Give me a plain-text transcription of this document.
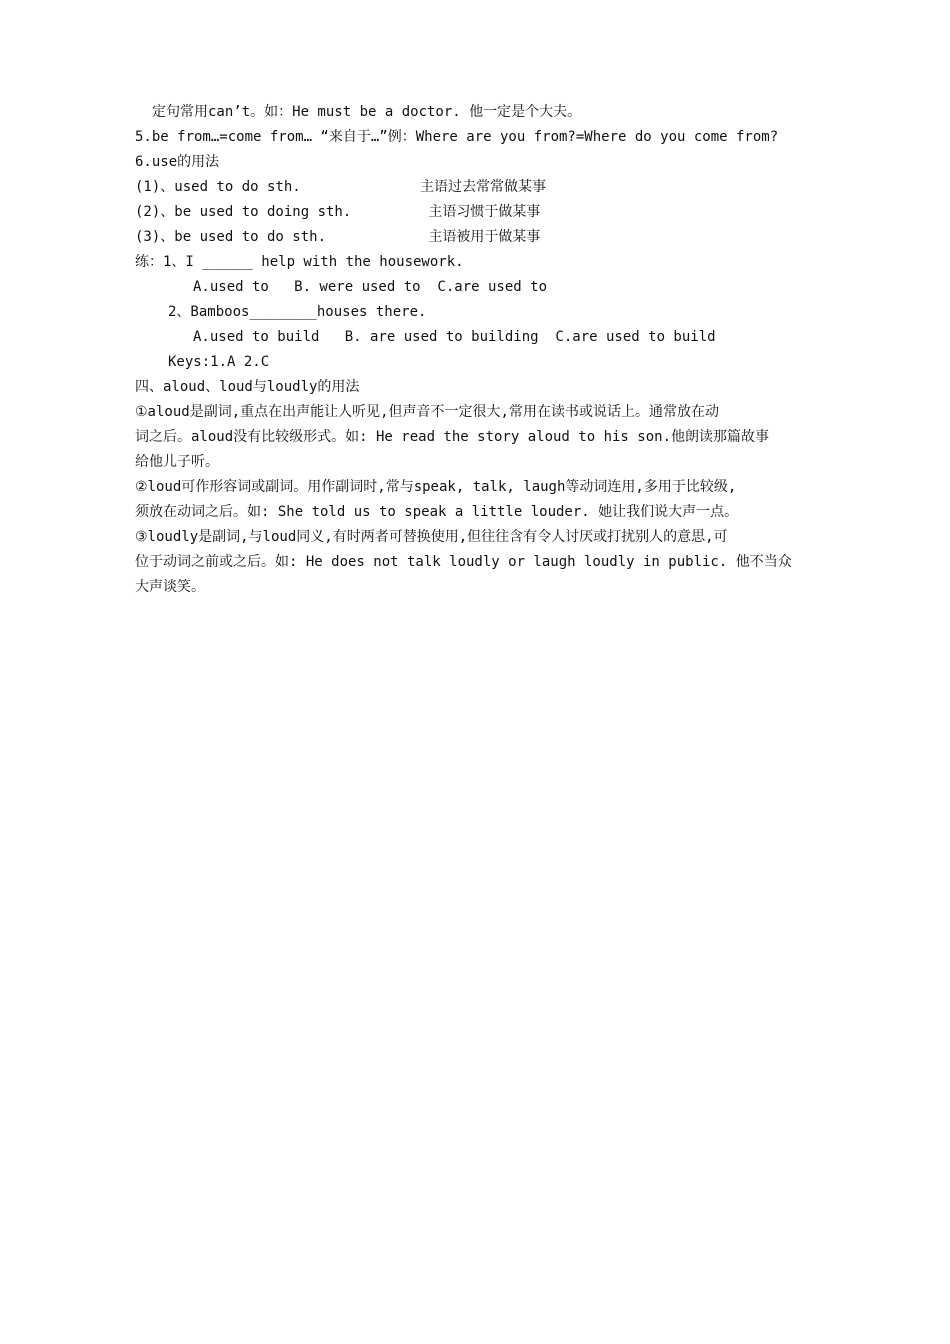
定句常用can’t。如：He must be a doctor. 他一定是个大夫。
5.be from…=come from… “来自于…”例：Where are you from?=Where do you come from?
6.use的用法
(1)、used to do sth.	主语过去常常做某事
(2)、be used to doing sth.	主语习惯于做某事
(3)、be used to do sth.	主语被用于做某事
练：1、I ______ help with the housework.
A.used to   B. were used to  C.are used to
2、Bamboos________houses there.
A.used to build   B. are used to building  C.are used to build
Keys:1.A 2.C
四、aloud、loud与loudly的用法
①aloud是副词,重点在出声能让人听见,但声音不一定很大,常用在读书或说话上。通常放在动
词之后。aloud没有比较级形式。如: He read the story aloud to his son.他朗读那篇故事
给他儿子听。
②loud可作形容词或副词。用作副词时,常与speak, talk, laugh等动词连用,多用于比较级,
须放在动词之后。如: She told us to speak a little louder. 她让我们说大声一点。
③loudly是副词,与loud同义,有时两者可替换使用,但往往含有令人讨厌或打扰别人的意思,可
位于动词之前或之后。如: He does not talk loudly or laugh loudly in public. 他不当众
大声谈笑。
